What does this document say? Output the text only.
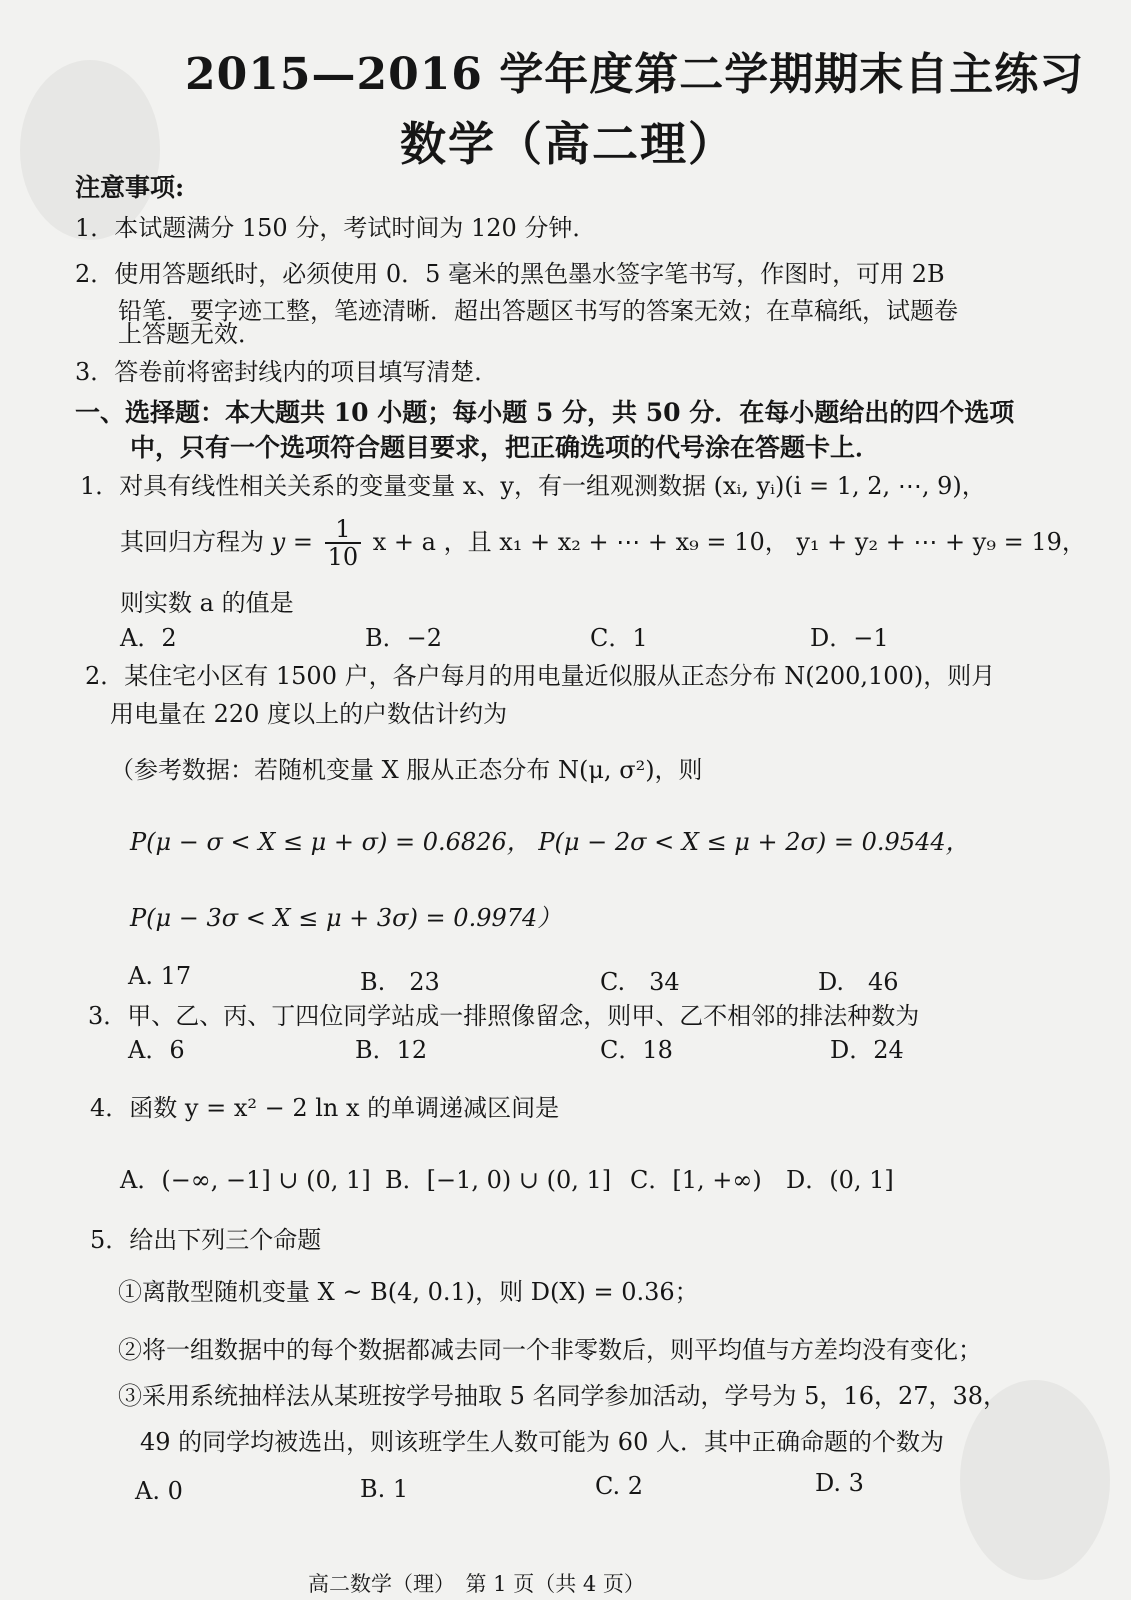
2015—2016 学年度第二学期期末自主练习
数学（高二理）
注意事项:
1．本试题满分 150 分，考试时间为 120 分钟．
2．使用答题纸时，必须使用 0．5 毫米的黑色墨水签字笔书写，作图时，可用 2B
铅笔．要字迹工整，笔迹清晰．超出答题区书写的答案无效；在草稿纸，试题卷
上答题无效．
3．答卷前将密封线内的项目填写清楚．
一、选择题：本大题共 10 小题；每小题 5 分，共 50 分．在每小题给出的四个选项
中，只有一个选项符合题目要求，把正确选项的代号涂在答题卡上．
1．对具有线性相关关系的变量变量 x、y，有一组观测数据 (xᵢ, yᵢ)(i = 1, 2, ⋯, 9)，
其回归方程为 $y = \frac{1}{10}$ x + a ，且 x₁ + x₂ + ⋯ + x₉ = 10， y₁ + y₂ + ⋯ + y₉ = 19，
则实数 a 的值是
A．2	B．−2	C．1	D．−1
2．某住宅小区有 1500 户，各户每月的用电量近似服从正态分布 N(200,100)，则月
用电量在 220 度以上的户数估计约为
（参考数据：若随机变量 X 服从正态分布 N(μ, σ²)，则
P(μ − σ < X ≤ μ + σ) = 0.6826， P(μ − 2σ < X ≤ μ + 2σ) = 0.9544，
P(μ − 3σ < X ≤ μ + 3σ) = 0.9974）
A. 17	B.　23	C.　34	D.　46
3．甲、乙、丙、丁四位同学站成一排照像留念，则甲、乙不相邻的排法种数为
A．6	B．12	C．18	D．24
4．函数 y = x² − 2 ln x 的单调递减区间是
A．(−∞, −1] ∪ (0, 1] B．[−1, 0) ∪ (0, 1] C．[1, +∞) D．(0, 1]
5．给出下列三个命题
①离散型随机变量 X ~ B(4, 0.1)，则 D(X) = 0.36；
②将一组数据中的每个数据都减去同一个非零数后，则平均值与方差均没有变化；
③采用系统抽样法从某班按学号抽取 5 名同学参加活动，学号为 5，16，27，38，
49 的同学均被选出，则该班学生人数可能为 60 人．其中正确命题的个数为
A. 0	B. 1	C. 2	D. 3
高二数学（理）　第 1 页（共 4 页）
